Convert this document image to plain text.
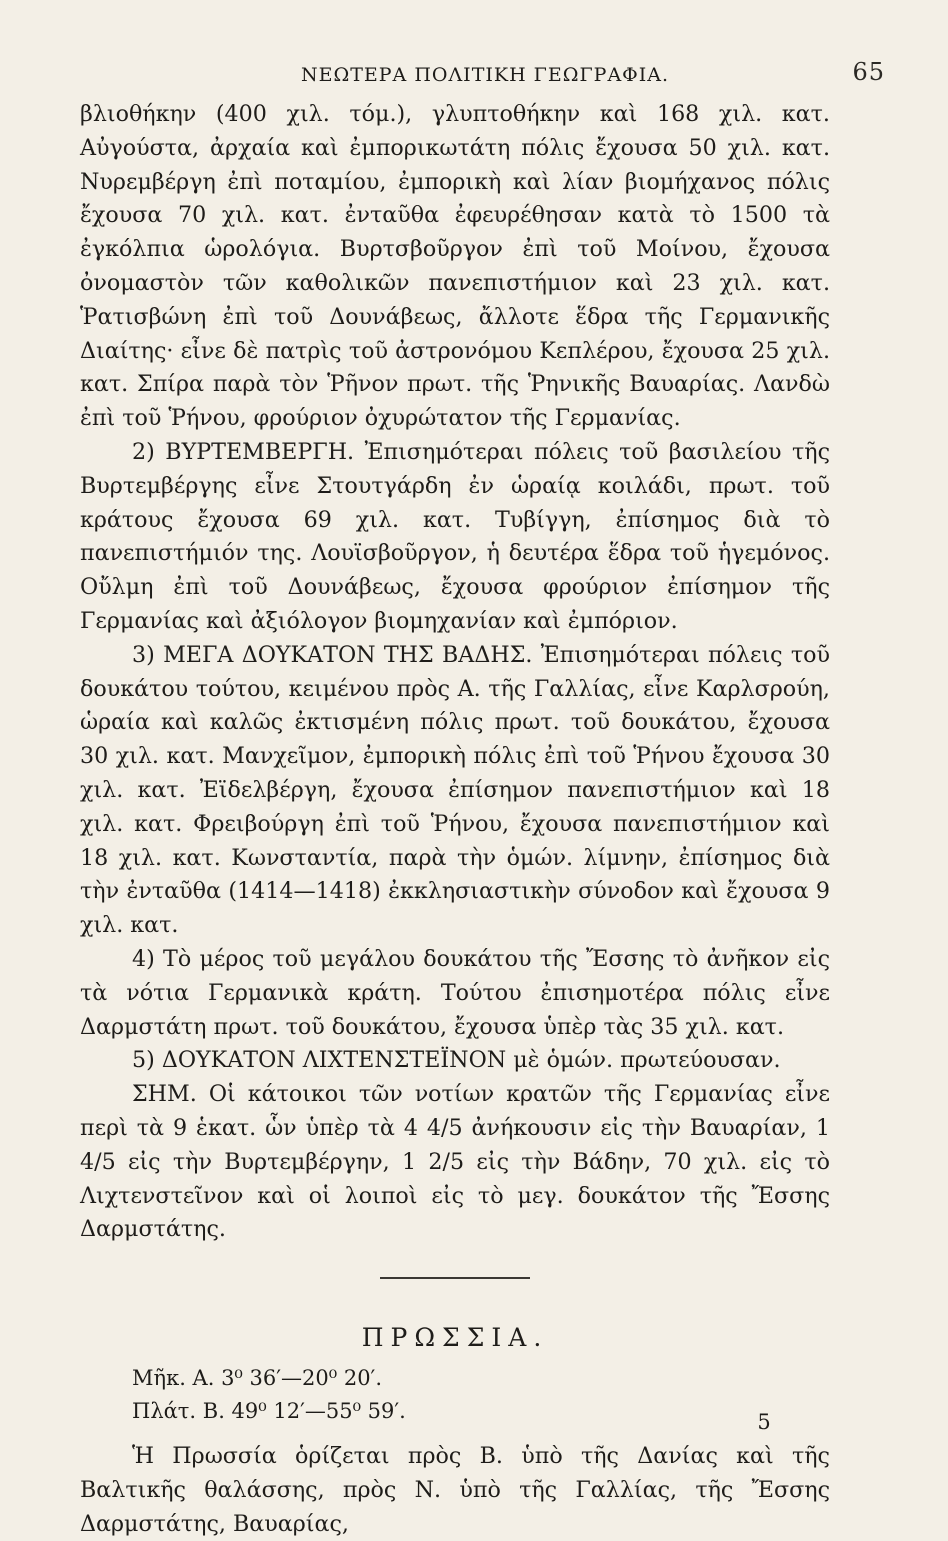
ΝΕΩΤΕΡΑ ΠΟΛΙΤΙΚΗ ΓΕΩΓΡΑΦΙΑ.	65

βλιοθήκην (400 χιλ. τόμ.), γλυπτοθήκην καὶ 168 χιλ. κατ. Αὐγούστα, ἀρχαία καὶ ἐμπορικωτάτη πόλις ἔχουσα 50 χιλ. κατ. Νυρεμβέργη ἐπὶ ποταμίου, ἐμπορικὴ καὶ λίαν βιομήχανος πόλις ἔχουσα 70 χιλ. κατ. ἐνταῦθα ἐφευρέθησαν κατὰ τὸ 1500 τὰ ἐγκόλπια ὡρολόγια. Βυρτσβοῦργον ἐπὶ τοῦ Μοίνου, ἔχουσα ὀνομαστὸν τῶν καθολικῶν πανεπιστήμιον καὶ 23 χιλ. κατ. Ῥατισβώνη ἐπὶ τοῦ Δουνάβεως, ἄλλοτε ἕδρα τῆς Γερμανικῆς Διαίτης· εἶνε δὲ πατρὶς τοῦ ἀστρονόμου Κεπλέρου, ἔχουσα 25 χιλ. κατ. Σπίρα παρὰ τὸν Ῥῆνον πρωτ. τῆς Ῥηνικῆς Βαυαρίας. Λανδὼ ἐπὶ τοῦ Ῥήνου, φρούριον ὀχυρώτατον τῆς Γερμανίας.

2) ΒΥΡΤΕΜΒΕΡΓΗ. Ἐπισημότεραι πόλεις τοῦ βασιλείου τῆς Βυρτεμβέργης εἶνε Στουτγάρδη ἐν ὡραίᾳ κοιλάδι, πρωτ. τοῦ κράτους ἔχουσα 69 χιλ. κατ. Τυβίγγη, ἐπίσημος διὰ τὸ πανεπιστήμιόν της. Λουϊσβοῦργον, ἡ δευτέρα ἕδρα τοῦ ἡγεμόνος. Οὔλμη ἐπὶ τοῦ Δουνάβεως, ἔχουσα φρούριον ἐπίσημον τῆς Γερμανίας καὶ ἀξιόλογον βιομηχανίαν καὶ ἐμπόριον.

3) ΜΕΓΑ ΔΟΥΚΑΤΟΝ ΤΗΣ ΒΑΔΗΣ. Ἐπισημότεραι πόλεις τοῦ δουκάτου τούτου, κειμένου πρὸς Α. τῆς Γαλλίας, εἶνε Καρλσρούη, ὡραία καὶ καλῶς ἐκτισμένη πόλις πρωτ. τοῦ δουκάτου, ἔχουσα 30 χιλ. κατ. Μανχεῖμον, ἐμπορικὴ πόλις ἐπὶ τοῦ Ῥήνου ἔχουσα 30 χιλ. κατ. Ἐϊδελβέργη, ἔχουσα ἐπίσημον πανεπιστήμιον καὶ 18 χιλ. κατ. Φρειβούργη ἐπὶ τοῦ Ῥήνου, ἔχουσα πανεπιστήμιον καὶ 18 χιλ. κατ. Κωνσταντία, παρὰ τὴν ὁμών. λίμνην, ἐπίσημος διὰ τὴν ἐνταῦθα (1414—1418) ἐκκλησιαστικὴν σύνοδον καὶ ἔχουσα 9 χιλ. κατ.

4) Τὸ μέρος τοῦ μεγάλου δουκάτου τῆς Ἔσσης τὸ ἀνῆκον εἰς τὰ νότια Γερμανικὰ κράτη. Τούτου ἐπισημοτέρα πόλις εἶνε Δαρμστάτη πρωτ. τοῦ δουκάτου, ἔχουσα ὑπὲρ τὰς 35 χιλ. κατ.

5) ΔΟΥΚΑΤΟΝ ΛΙΧΤΕΝΣΤΕΪΝΟΝ μὲ ὁμών. πρωτεύουσαν.

ΣΗΜ. Οἱ κάτοικοι τῶν νοτίων κρατῶν τῆς Γερμανίας εἶνε περὶ τὰ 9 ἑκατ. ὧν ὑπὲρ τὰ 4 4/5 ἀνήκουσιν εἰς τὴν Βαυαρίαν, 1 4/5 εἰς τὴν Βυρτεμβέργην, 1 2/5 εἰς τὴν Βάδην, 70 χιλ. εἰς τὸ Λιχτενστεῖνον καὶ οἱ λοιποὶ εἰς τὸ μεγ. δουκάτον τῆς Ἔσσης Δαρμστάτης.

ΠΡΩΣΣΙΑ.

Μῆκ. Α. 3⁰ 36′—20⁰ 20′.

Πλάτ. Β. 49⁰ 12′—55⁰ 59′.

Ἡ Πρωσσία ὁρίζεται πρὸς Β. ὑπὸ τῆς Δανίας καὶ τῆς Βαλτικῆς θαλάσσης, πρὸς Ν. ὑπὸ τῆς Γαλλίας, τῆς Ἔσσης Δαρμστάτης, Βαυαρίας,

5
